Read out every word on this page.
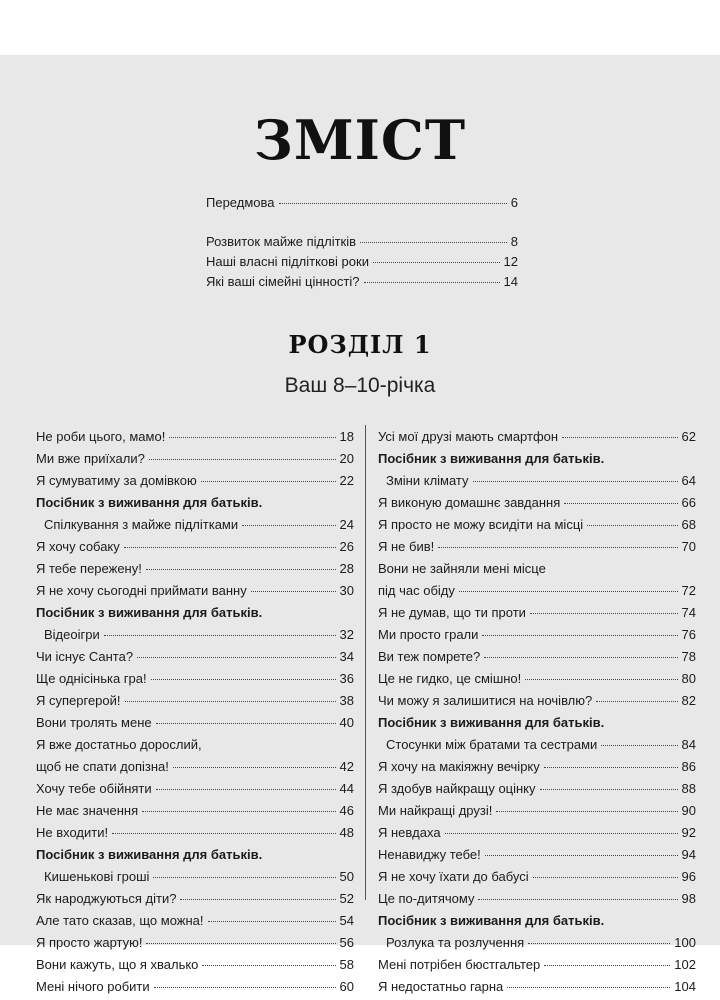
ЗМІСТ
Передмова	6
Розвиток майже підлітків	8
Наші власні підліткові роки	12
Які ваші сімейні цінності?	14
РОЗДІЛ 1
Ваш 8–10-річка
Не роби цього, мамо!	18
Ми вже приїхали?	20
Я сумуватиму за домівкою	22
Посібник з виживання для батьків.
Спілкування з майже підлітками	24
Я хочу собаку	26
Я тебе пережену!	28
Я не хочу сьогодні приймати ванну	30
Посібник з виживання для батьків.
Відеоігри	32
Чи існує Санта?	34
Ще однісінька гра!	36
Я супергерой!	38
Вони тролять мене	40
Я вже достатньо дорослий,
щоб не спати допізна!	42
Хочу тебе обійняти	44
Не має значення	46
Не входити!	48
Посібник з виживання для батьків.
Кишенькові гроші	50
Як народжуються діти?	52
Але тато сказав, що можна!	54
Я просто жартую!	56
Вони кажуть, що я хвалько	58
Мені нічого робити	60
Усі мої друзі мають смартфон	62
Посібник з виживання для батьків.
Зміни клімату	64
Я виконую домашнє завдання	66
Я просто не можу всидіти на місці	68
Я не бив!	70
Вони не зайняли мені місце
під час обіду	72
Я не думав, що ти проти	74
Ми просто грали	76
Ви теж помрете?	78
Це не гидко, це смішно!	80
Чи можу я залишитися на ночівлю?	82
Посібник з виживання для батьків.
Стосунки між братами та сестрами	84
Я хочу на макіяжну вечірку	86
Я здобув найкращу оцінку	88
Ми найкращі друзі!	90
Я невдаха	92
Ненавиджу тебе!	94
Я не хочу їхати до бабусі	96
Це по-дитячому	98
Посібник з виживання для батьків.
Розлука та розлучення	100
Мені потрібен бюстгальтер	102
Я недостатньо гарна	104
